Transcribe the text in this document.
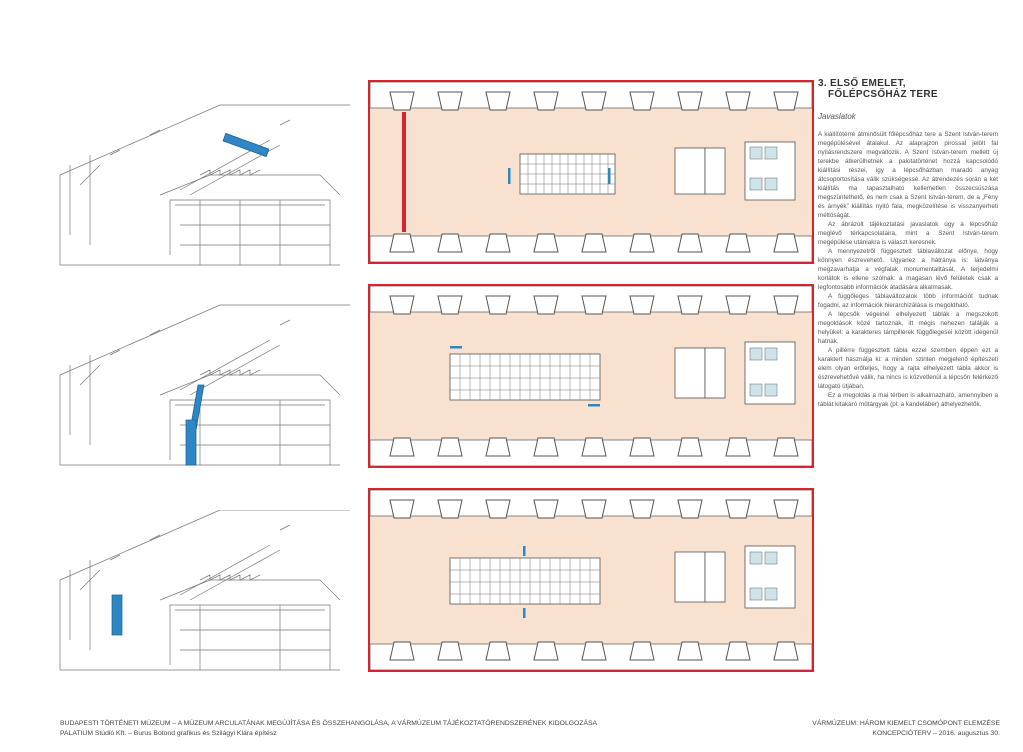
3. ELSŐ EMELET,
FŐLÉPCSŐHÁZ TERE
Javaslatok

A kiállítótérré átminősült főlépcsőház tere a Szent István-terem megépülésével átalakul. Az alaprajzon pirossal jelölt fal nyílásrendszere megváltozik. A Szent István-terem mellett új terekbe átkerülhetnek a palotatörténet hozzá kapcsolódó kiállítási részei, így a lépcsőházban maradó anyag átcsoportosítása válik szükségessé. Az átrendezés során a két kiállítás ma tapasztalható kellemetlen összecsúszása megszüntethető, és nem csak a Szent István-terem, de a „Fény és árnyék” kiállítás nyitó fala, megközelítése is visszanyerheti méltóságát.

Az ábrázolt tájékoztatási javaslatok úgy a lépcsőház meglévő térkapcsolataira, mint a Szent István-terem megépülése utániakra is választ keresnek.

A mennyezetről függesztett táblaváltozat előnye, hogy könnyen észrevehető. Ugyanez a hátránya is: látványa megzavarhatja a végfalak monumentalitását. A terjedelmi korlátok is ellene szólnak: a magasan lévő felületek csak a legfontosabb információk átadására alkalmasak.

A függőleges táblaváltozatok több információt tudnak fogadni, az információk hierarchizálása is megoldható.

A lépcsők végeinél elhelyezett táblák a megszokott megoldások közé tartoznak, itt mégis nehezen találják a helyüket: a karakteres támpillérek függőlegesei között idegenül hatnak.

A pillérre függesztett tábla ezzel szemben éppen ezt a karaktert használja ki: a minden szinten megjelenő építészeti elem olyan erőteljes, hogy a rajta elhelyezett tábla akkor is észrevehetővé válik, ha nincs is közvetlenül a lépcsőn felérkező látogató útjában.

Ez a megoldás a mai térben is alkalmazható, amennyiben a táblát kitakaró műtárgyak (pl: a kandeláber) áthelyezhetők.

BUDAPESTI TÖRTÉNETI MÚZEUM – A MÚZEUM ARCULATÁNAK MEGÚJÍTÁSA ÉS ÖSSZEHANGOLÁSA, A VÁRMÚZEUM TÁJÉKOZTATÓRENDSZERÉNEK KIDOLGOZÁSA
PALATIUM Stúdió Kft. – Burus Botond grafikus és Szilágyi Klára építész
VÁRMÚZEUM: HÁROM KIEMELT CSOMÓPONT ELEMZÉSE
KONCEPCIÓTERV – 2016. augusztus 30.
